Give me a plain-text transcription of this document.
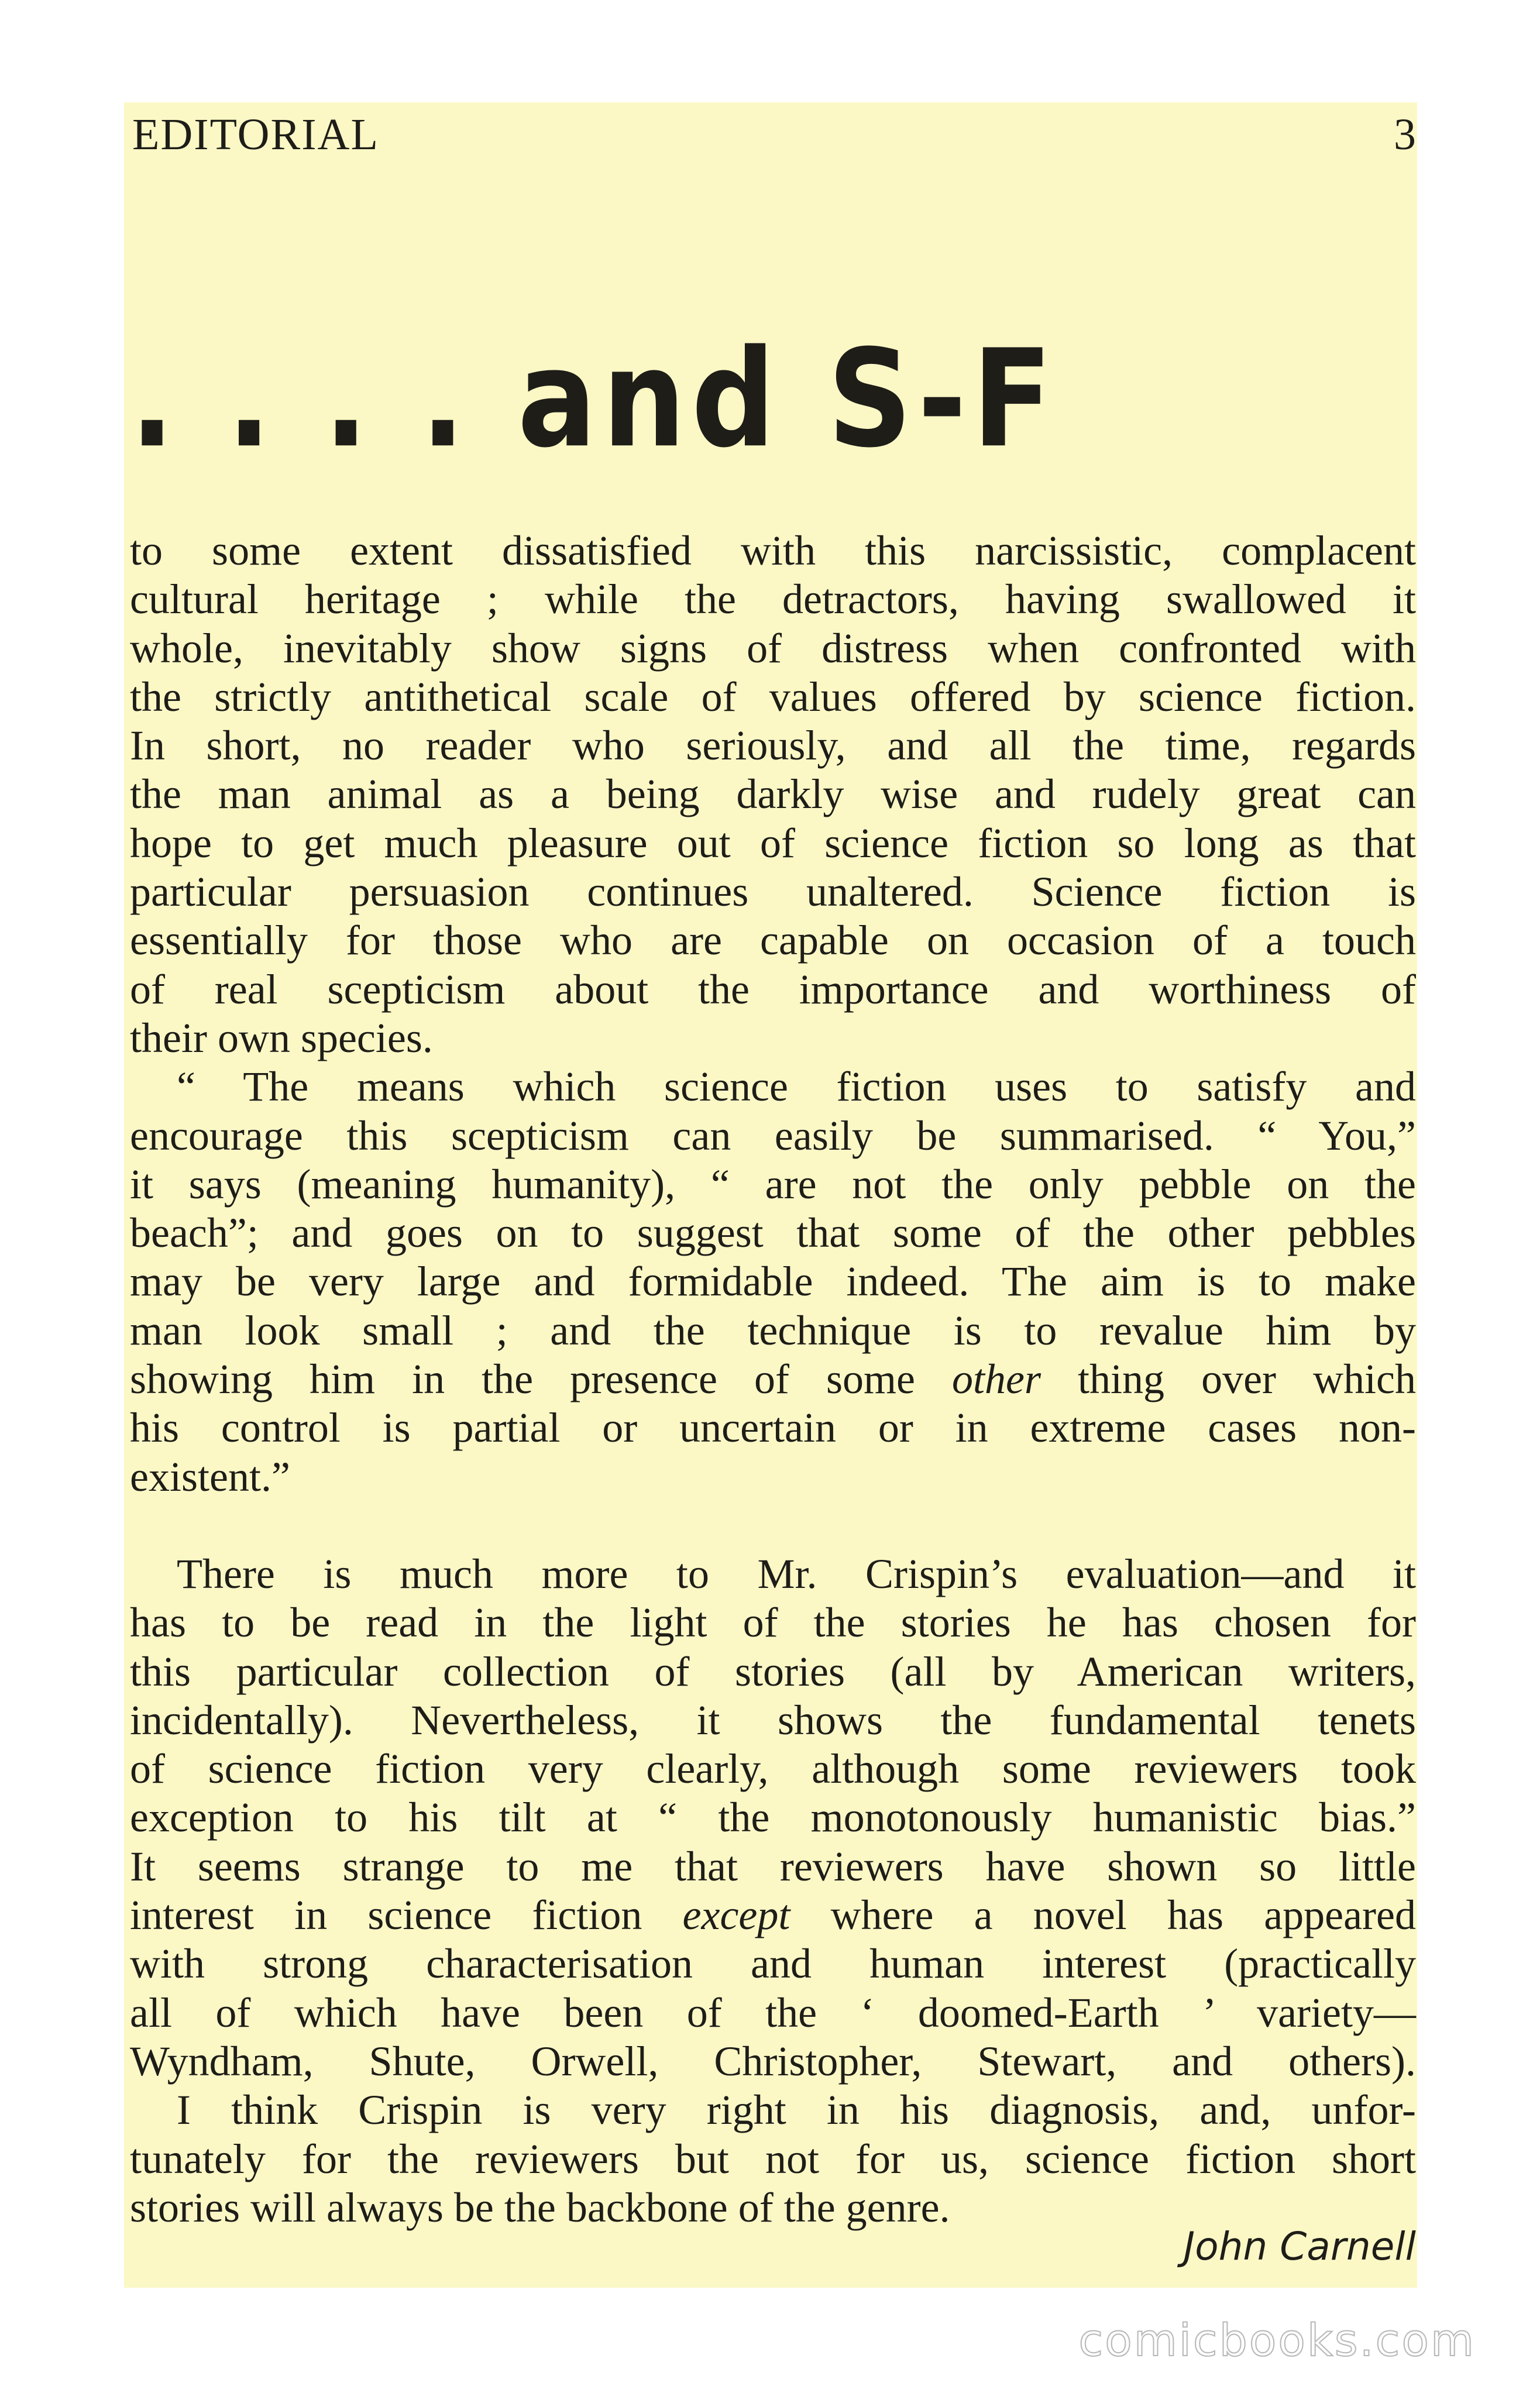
EDITORIAL	3
. . . . and S-F
to some extent dissatisfied with this narcissistic, complacent
cultural heritage ; while the detractors, having swallowed it
whole, inevitably show signs of distress when confronted with
the strictly antithetical scale of values offered by science fiction.
In short, no reader who seriously, and all the time, regards
the man animal as a being darkly wise and rudely great can
hope to get much pleasure out of science fiction so long as that
particular persuasion continues unaltered. Science fiction is
essentially for those who are capable on occasion of a touch
of real scepticism about the importance and worthiness of
their own species.
“ The means which science fiction uses to satisfy and
encourage this scepticism can easily be summarised. “ You,”
it says (meaning humanity), “ are not the only pebble on the
beach”; and goes on to suggest that some of the other pebbles
may be very large and formidable indeed. The aim is to make
man look small ; and the technique is to revalue him by
showing him in the presence of some other thing over which
his control is partial or uncertain or in extreme cases non-
existent.”
There is much more to Mr. Crispin’s evaluation—and it
has to be read in the light of the stories he has chosen for
this particular collection of stories (all by American writers,
incidentally). Nevertheless, it shows the fundamental tenets
of science fiction very clearly, although some reviewers took
exception to his tilt at “ the monotonously humanistic bias.”
It seems strange to me that reviewers have shown so little
interest in science fiction except where a novel has appeared
with strong characterisation and human interest (practically
all of which have been of the ‘ doomed-Earth ’ variety—
Wyndham, Shute, Orwell, Christopher, Stewart, and others).
I think Crispin is very right in his diagnosis, and, unfor-
tunately for the reviewers but not for us, science fiction short
stories will always be the backbone of the genre.
John Carnell
comicbooks.com
